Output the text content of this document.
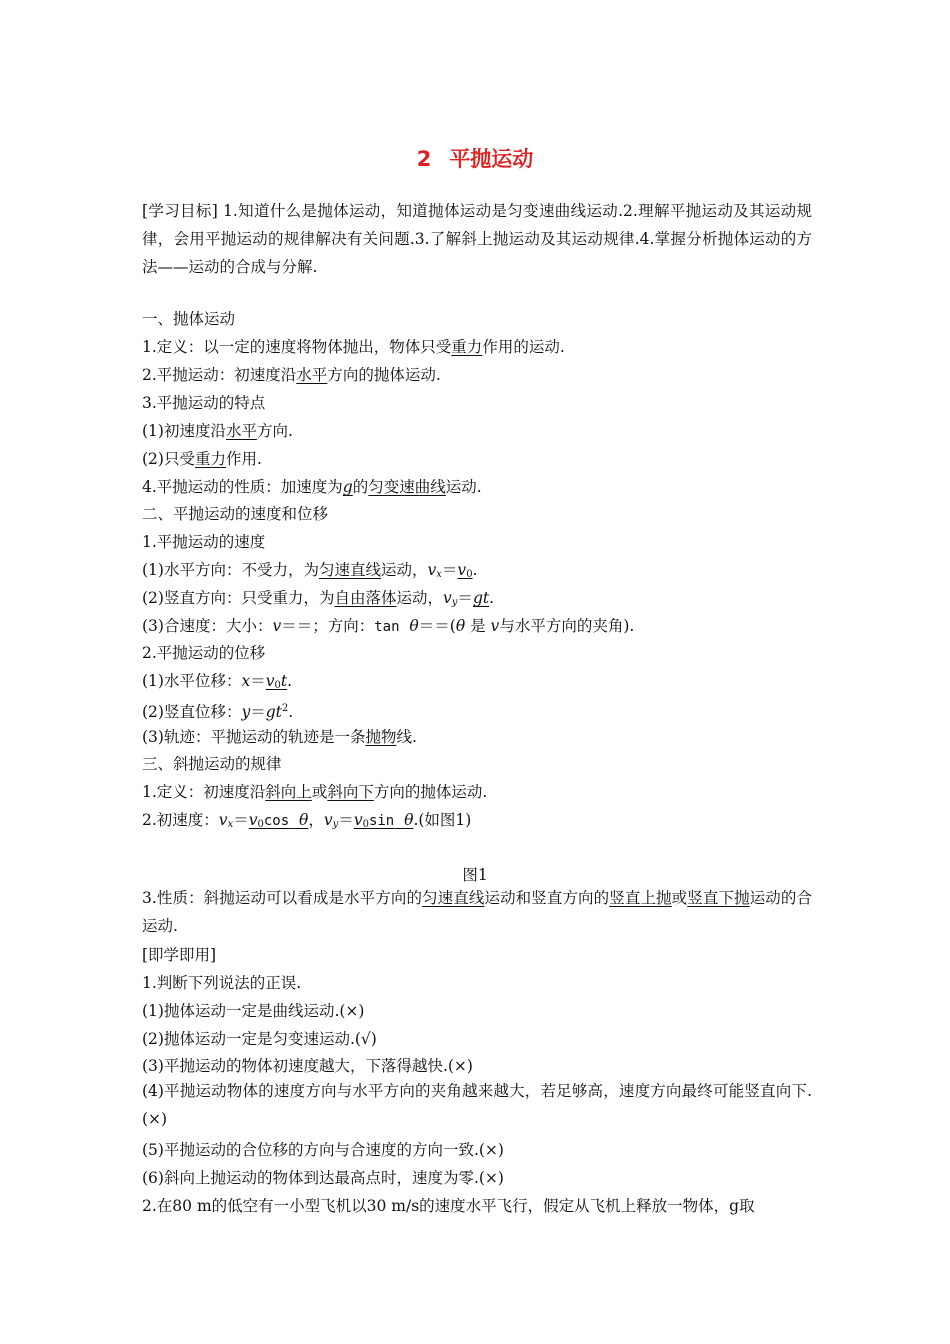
2 平抛运动
[学习目标] 1.知道什么是抛体运动，知道抛体运动是匀变速曲线运动.2.理解平抛运动及其运动规律，会用平抛运动的规律解决有关问题.3.了解斜上抛运动及其运动规律.4.掌握分析抛体运动的方法——运动的合成与分解.
一、抛体运动
1.定义：以一定的速度将物体抛出，物体只受重力作用的运动.
2.平抛运动：初速度沿水平方向的抛体运动.
3.平抛运动的特点
(1)初速度沿水平方向.
(2)只受重力作用.
4.平抛运动的性质：加速度为g的匀变速曲线运动.
二、平抛运动的速度和位移
1.平抛运动的速度
(1)水平方向：不受力，为匀速直线运动，$v_x=v_0$.
(2)竖直方向：只受重力，为自由落体运动，$v_y=gt$.
(3)合速度：大小：v＝＝；方向：tan θ＝＝(θ 是 v与水平方向的夹角).
2.平抛运动的位移
(1)水平位移：$x=v_0t$.
(2)竖直位移：$y=gt^2$.
(3)轨迹：平抛运动的轨迹是一条抛物线.
三、斜抛运动的规律
1.定义：初速度沿斜向上或斜向下方向的抛体运动.
2.初速度：$v_x=v_0\cos$ θ，$v_y=v_0\sin$ θ.(如图1)
图1
3.性质：斜抛运动可以看成是水平方向的匀速直线运动和竖直方向的竖直上抛或竖直下抛运动的合运动.
[即学即用]
1.判断下列说法的正误.
(1)抛体运动一定是曲线运动.(×)
(2)抛体运动一定是匀变速运动.(√)
(3)平抛运动的物体初速度越大，下落得越快.(×)
(4)平抛运动物体的速度方向与水平方向的夹角越来越大，若足够高，速度方向最终可能竖直向下.(×)
(5)平抛运动的合位移的方向与合速度的方向一致.(×)
(6)斜向上抛运动的物体到达最高点时，速度为零.(×)
2.在80 m的低空有一小型飞机以30 m/s的速度水平飞行，假定从飞机上释放一物体，g取
